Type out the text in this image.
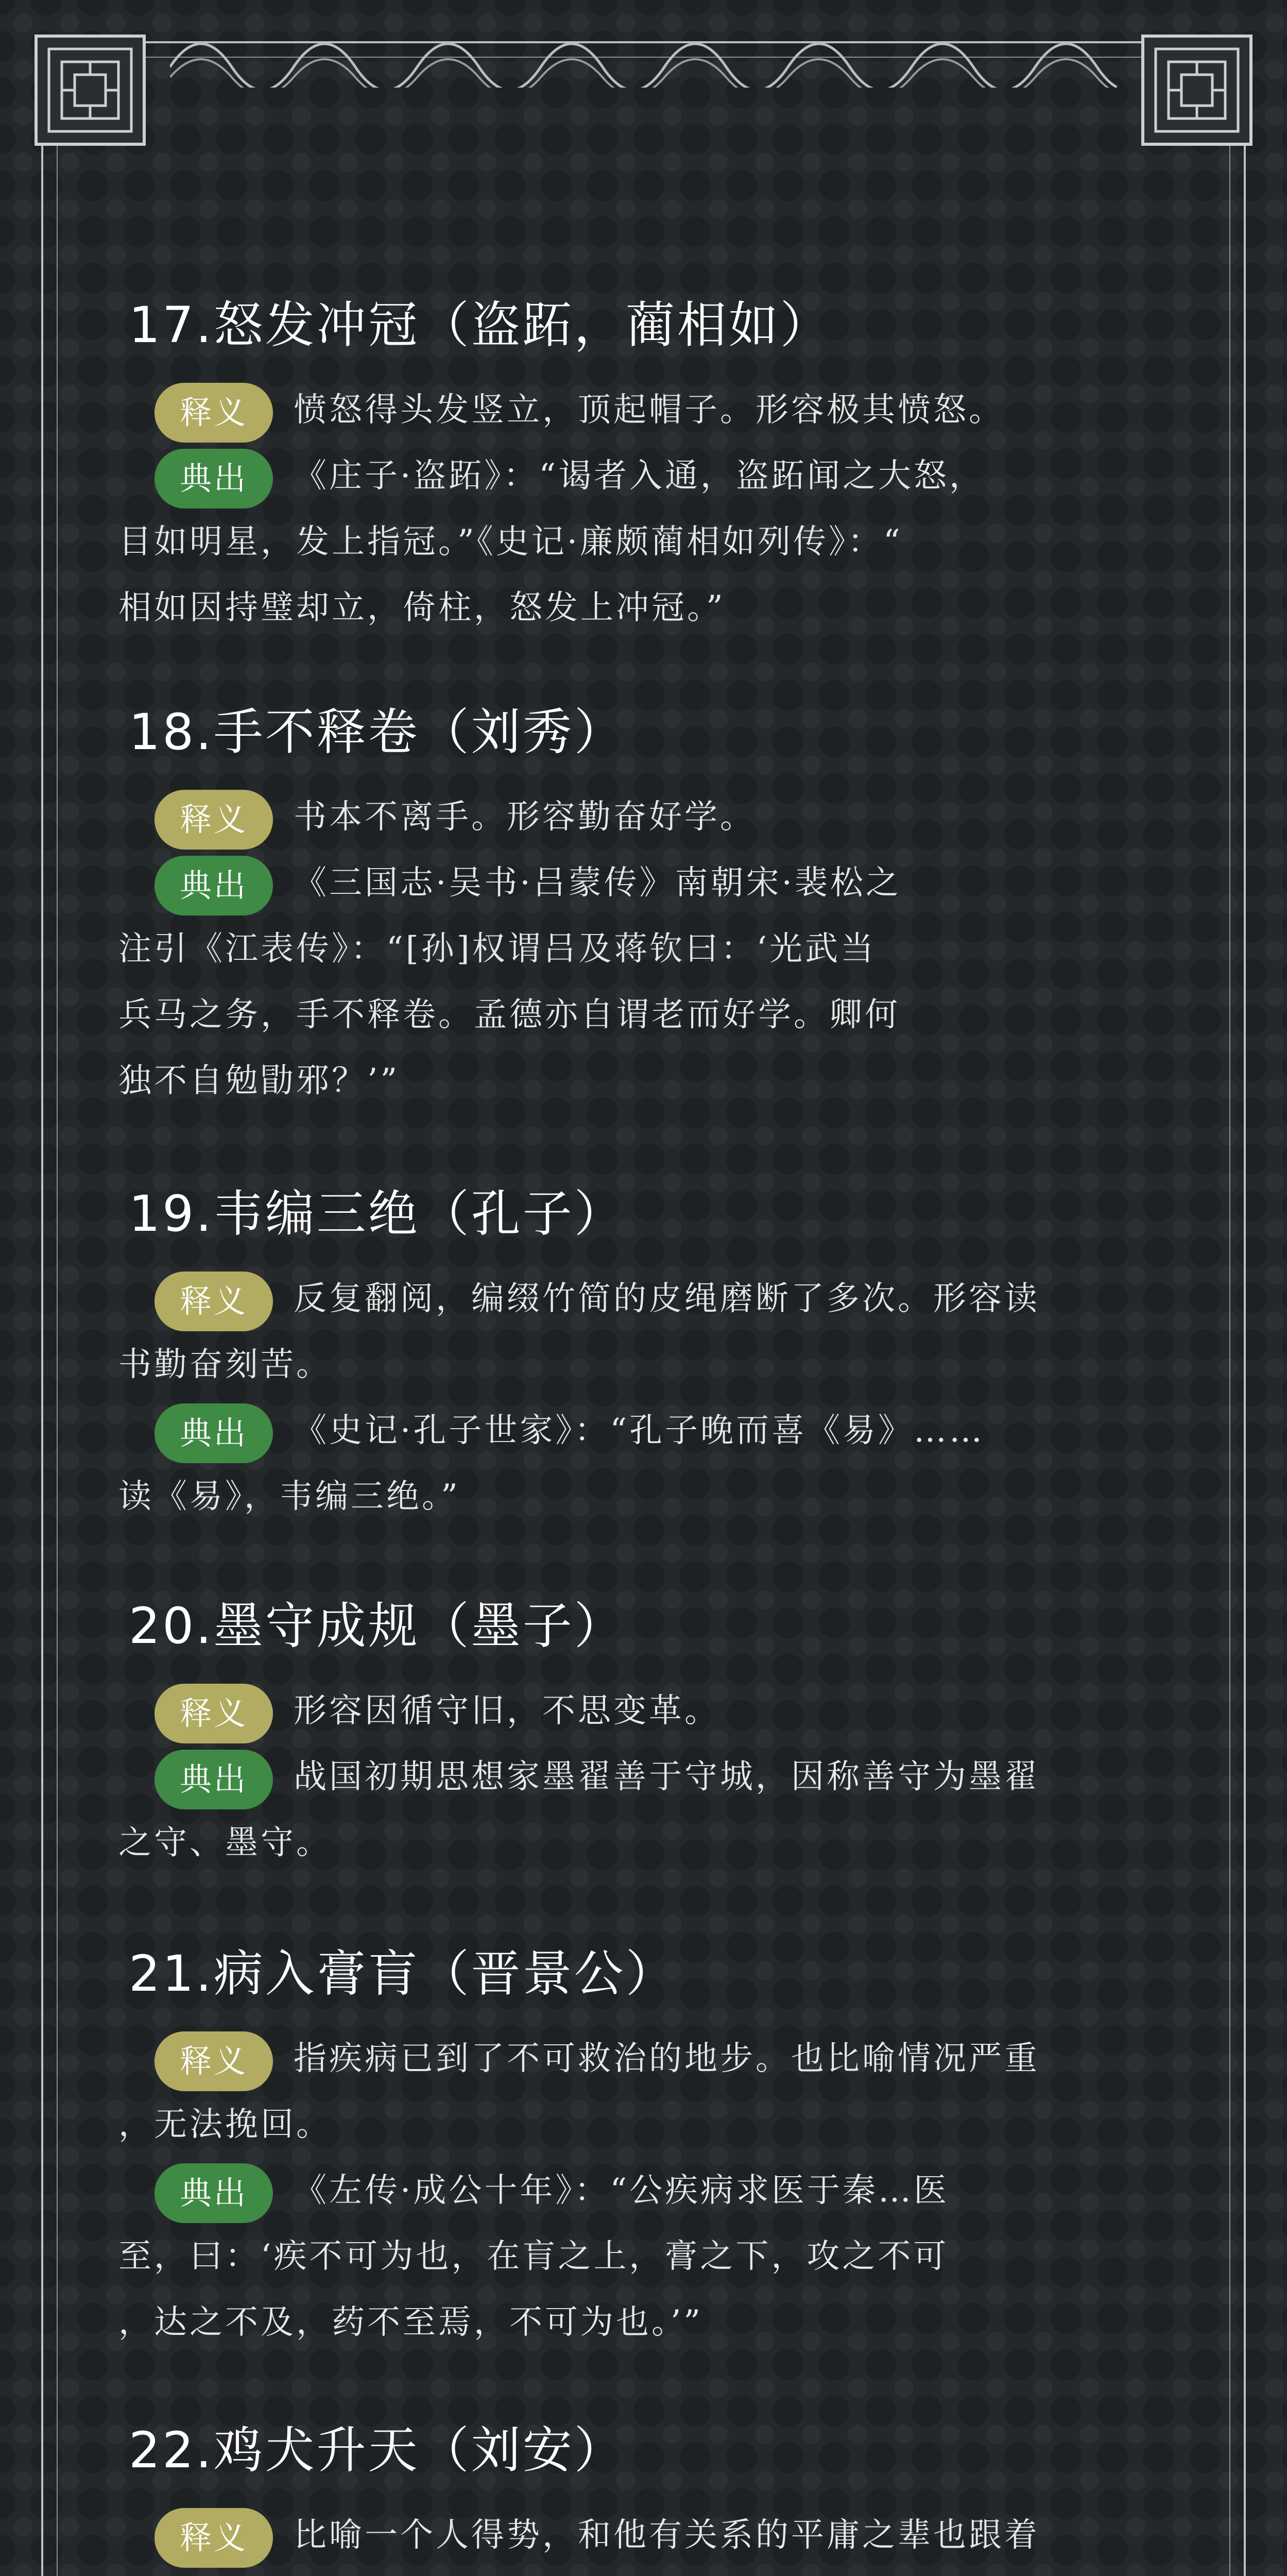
17.怒发冲冠（盗跖，蔺相如）
释义 愤怒得头发竖立，顶起帽子。形容极其愤怒。
典出 《庄子·盗跖》：“谒者入通，盗跖闻之大怒，
目如明星，发上指冠。”《史记·廉颇蔺相如列传》：“
相如因持璧却立，倚柱，怒发上冲冠。”
18.手不释卷（刘秀）
释义 书本不离手。形容勤奋好学。
典出 《三国志·吴书·吕蒙传》南朝宋·裴松之
注引《江表传》：“[孙]权谓吕及蒋钦曰：‘光武当
兵马之务，手不释卷。孟德亦自谓老而好学。卿何
独不自勉勖邪？’”
19.韦编三绝（孔子）
释义 反复翻阅，编缀竹简的皮绳磨断了多次。形容读
书勤奋刻苦。
典出 《史记·孔子世家》：“孔子晚而喜《易》……
读《易》，韦编三绝。”
20.墨守成规（墨子）
释义 形容因循守旧，不思变革。
典出 战国初期思想家墨翟善于守城，因称善守为墨翟
之守、墨守。
21.病入膏肓（晋景公）
释义 指疾病已到了不可救治的地步。也比喻情况严重
，无法挽回。
典出 《左传·成公十年》：“公疾病求医于秦…医
至，曰：‘疾不可为也，在肓之上，膏之下，攻之不可
，达之不及，药不至焉，不可为也。’”
22.鸡犬升天（刘安）
释义 比喻一个人得势，和他有关系的平庸之辈也跟着
